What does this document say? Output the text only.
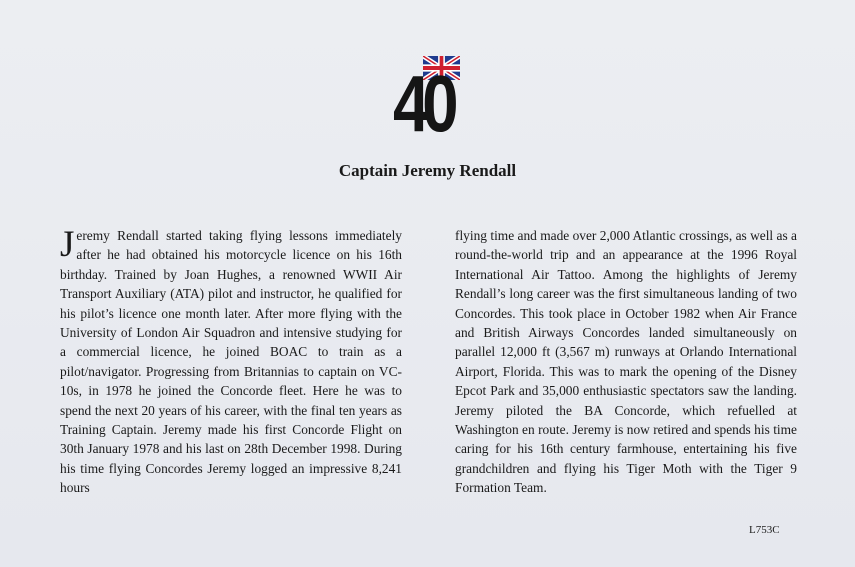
40
Captain Jeremy Rendall

Jeremy Rendall started taking flying lessons immediately after he had obtained his motorcycle licence on his 16th birthday. Trained by Joan Hughes, a renowned WWII Air Transport Auxiliary (ATA) pilot and instructor, he qualified for his pilot’s licence one month later. After more flying with the University of London Air Squadron and intensive studying for a commercial licence, he joined BOAC to train as a pilot/navigator. Progressing from Britannias to captain on VC-10s, in 1978 he joined the Concorde fleet. Here he was to spend the next 20 years of his career, with the final ten years as Training Captain. Jeremy made his first Concorde Flight on 30th January 1978 and his last on 28th December 1998. During his time flying Concordes Jeremy logged an impressive 8,241 hours

flying time and made over 2,000 Atlantic crossings, as well as a round-the-world trip and an appearance at the 1996 Royal International Air Tattoo. Among the highlights of Jeremy Rendall’s long career was the first simultaneous landing of two Concordes. This took place in October 1982 when Air France and British Airways Concordes landed simultaneously on parallel 12,000 ft (3,567 m) runways at Orlando International Airport, Florida. This was to mark the opening of the Disney Epcot Park and 35,000 enthusiastic spectators saw the landing. Jeremy piloted the BA Concorde, which refuelled at Washington en route. Jeremy is now retired and spends his time caring for his 16th century farmhouse, entertaining his five grandchildren and flying his Tiger Moth with the Tiger 9 Formation Team.

L753C
